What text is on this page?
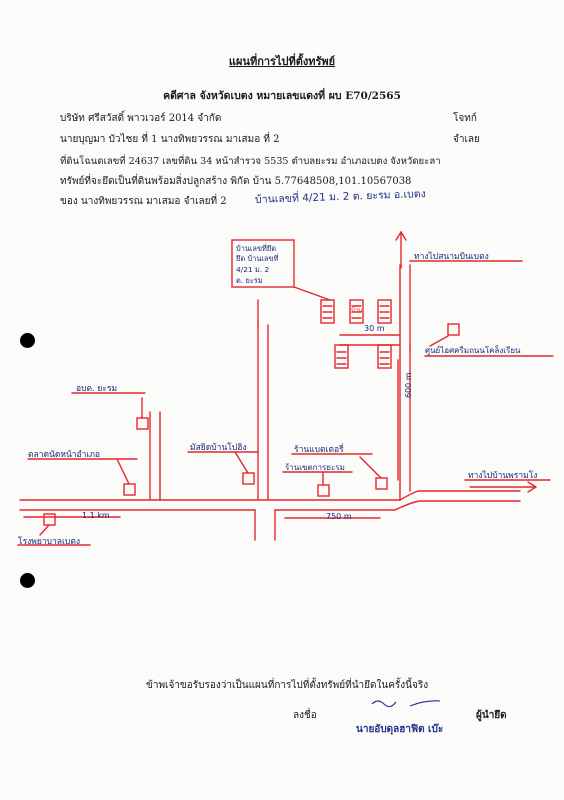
แผนที่การไปที่ตั้งทรัพย์
คดีศาล จังหวัดเบตง หมายเลขแดงที่ ผบ E70/2565
บริษัท ศรีสวัสดิ์ พาวเวอร์ 2014 จำกัด	โจทก์
นายบุญมา บัวไชย ที่ 1 นางทิพยวรรณ มาเสมอ ที่ 2	จำเลย
ที่ดินโฉนดเลขที่ 24637 เลขที่ดิน 34 หน้าสำรวจ 5535 ตำบลยะรม อำเภอเบตง จังหวัดยะลา
ทรัพย์ที่จะยึดเป็นที่ดินพร้อมสิ่งปลูกสร้าง พิกัด บ้าน 5.77648508,101.10567038
ของ นางทิพยวรรณ มาเสมอ จำเลยที่ 2	บ้านเลขที่ 4/21 ม. 2 ต. ยะรม อ.เบตง
บ้านเลขที่ยึด
ยึด บ้านเลขที่
4/21 ม. 2
ต. ยะรม
ทางไปสนามบินเบตง
บ้าน
30 m
ศูนย์ไอศครีมถนนโคล็งเรียน
600 m
อบต. ยะรม
ตลาดนัดหน้าอำเภอ
มัสยิดบ้านโปฮิง	ร้านแบตเตอรี่
ร้านเขตการยะรม
ทางไปบ้านพรามโง
1.1 km	750 m
โรงพยาบาลเบตง
ข้าพเจ้าขอรับรองว่าเป็นแผนที่การไปที่ตั้งทรัพย์ที่นำยึดในครั้งนี้จริง
ลงชื่อ	ผู้นำยึด
นายอับดุลฮาฟิต เบ๊ะ
